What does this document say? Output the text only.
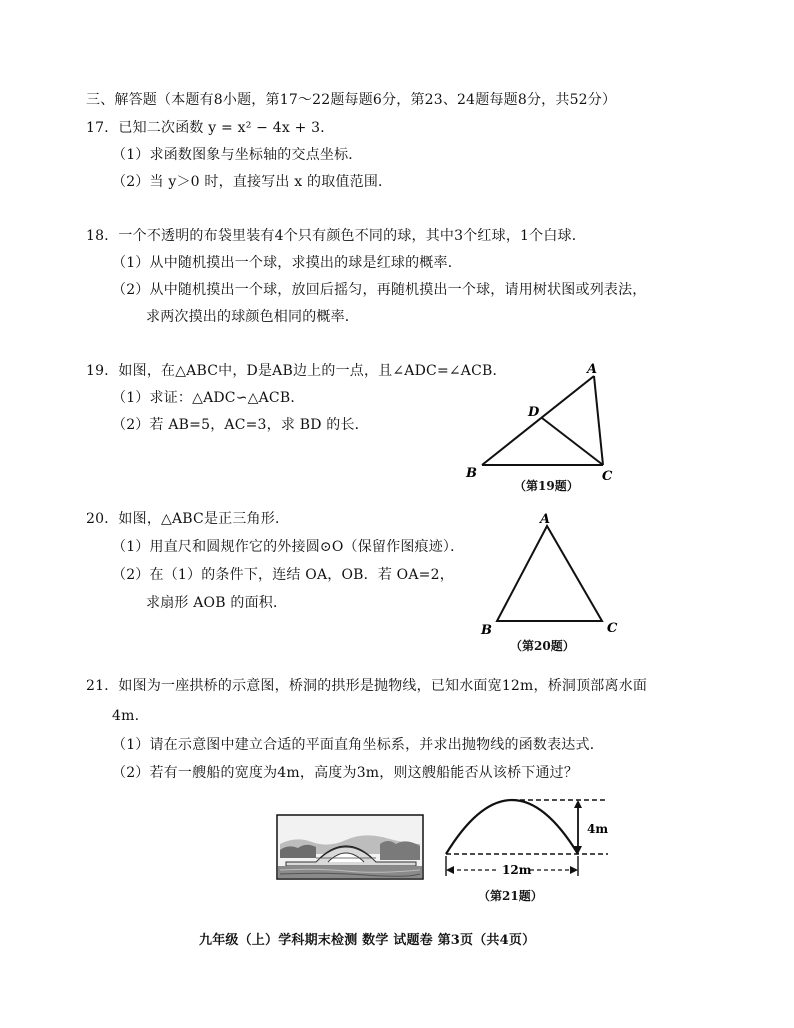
三、解答题（本题有8小题，第17～22题每题6分，第23、24题每题8分，共52分）
17．已知二次函数 y = x² − 4x + 3．
（1）求函数图象与坐标轴的交点坐标．
（2）当 y＞0 时，直接写出 x 的取值范围．
18．一个不透明的布袋里装有4个只有颜色不同的球，其中3个红球，1个白球．
（1）从中随机摸出一个球，求摸出的球是红球的概率．
（2）从中随机摸出一个球，放回后摇匀，再随机摸出一个球，请用树状图或列表法，
求两次摸出的球颜色相同的概率．
19．如图，在△ABC中，D是AB边上的一点，且∠ADC=∠ACB．
（1）求证：△ADC∽△ACB．
（2）若 AB=5，AC=3，求 BD 的长．
A
B	C
D
（第19题）
20．如图，△ABC是正三角形．
（1）用直尺和圆规作它的外接圆⊙O（保留作图痕迹）．
（2）在（1）的条件下，连结 OA，OB．若 OA=2，
求扇形 AOB 的面积．
A
B	C
（第20题）
21．如图为一座拱桥的示意图，桥洞的拱形是抛物线，已知水面宽12m，桥洞顶部离水面
4m.
（1）请在示意图中建立合适的平面直角坐标系，并求出抛物线的函数表达式．
（2）若有一艘船的宽度为4m，高度为3m，则这艘船能否从该桥下通过？
4m
12m
（第21题）
九年级（上）学科期末检测 数学 试题卷 第3页（共4页）
